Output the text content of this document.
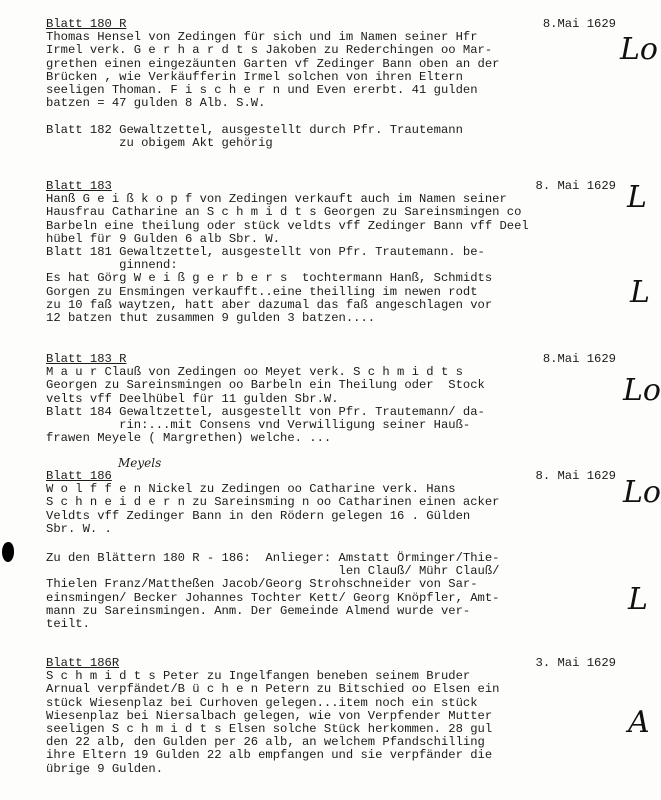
Blatt 180 R	8.Mai 1629
Thomas Hensel von Zedingen für sich und im Namen seiner Hfr
Irmel verk. G e r h a r d t s Jakoben zu Rederchingen oo Mar-
grethen einen eingezäunten Garten vf Zedinger Bann oben an der
Brücken , wie Verkäufferin Irmel solchen von ihren Eltern
seeligen Thoman. F i s c h e r n und Even ererbt. 41 gulden
batzen = 47 gulden 8 Alb. S.W.
Blatt 182 Gewaltzettel, ausgestellt durch Pfr. Trautemann
zu obigem Akt gehörig
Blatt 183	8. Mai 1629
Hanß G e i ß k o p f von Zedingen verkauft auch im Namen seiner
Hausfrau Catharine an S c h m i d t s Georgen zu Sareinsmingen co
Barbeln eine theilung oder stück veldts vff Zedinger Bann vff Deel
hübel für 9 Gulden 6 alb Sbr. W.
Blatt 181 Gewaltzettel, ausgestellt von Pfr. Trautemann. be-
ginnend:
Es hat Görg W e i ß g e r b e r s  tochtermann Hanß, Schmidts
Gorgen zu Ensmingen verkaufft..eine theilling im newen rodt
zu 10 faß waytzen, hatt aber dazumal das faß angeschlagen vor
12 batzen thut zusammen 9 gulden 3 batzen....
Blatt 183 R	8.Mai 1629
M a u r Clauß von Zedingen oo Meyet verk. S c h m i d t s
Georgen zu Sareinsmingen oo Barbeln ein Theilung oder  Stock
velts vff Deelhübel für 11 gulden Sbr.W.
Blatt 184 Gewaltzettel, ausgestellt von Pfr. Trautemann/ da-
rin:...mit Consens vnd Verwilligung seiner Hauß-
frawen Meyele ( Margrethen) welche. ...
Blatt 186	8. Mai 1629
W o l f f e n Nickel zu Zedingen oo Catharine verk. Hans
S c h n e i d e r n zu Sareinsming n oo Catharinen einen acker
Veldts vff Zedinger Bann in den Rödern gelegen 16 . Gülden
Sbr. W. .
Zu den Blättern 180 R - 186:  Anlieger: Amstatt Örminger/Thie-
len Clauß/ Mühr Clauß/
Thielen Franz/Mattheßen Jacob/Georg Strohschneider von Sar-
einsmingen/ Becker Johannes Tochter Kett/ Georg Knöpfler, Amt-
mann zu Sareinsmingen. Anm. Der Gemeinde Almend wurde ver-
teilt.
Blatt 186R	3. Mai 1629
S c h m i d t s Peter zu Ingelfangen beneben seinem Bruder
Arnual verpfändet/B ü c h e n Petern zu Bitschied oo Elsen ein
stück Wiesenplaz bei Curhoven gelegen...item noch ein stück
Wiesenplaz bei Niersalbach gelegen, wie von Verpfender Mutter
seeligen S c h m i d t s Elsen solche Stück herkommen. 28 gul
den 22 alb, den Gulden per 26 alb, an welchem Pfandschilling
ihre Eltern 19 Gulden 22 alb empfangen und sie verpfänder die
übrige 9 Gulden.
Meyels
Lo
L
L
Lo
Lo
L
A
